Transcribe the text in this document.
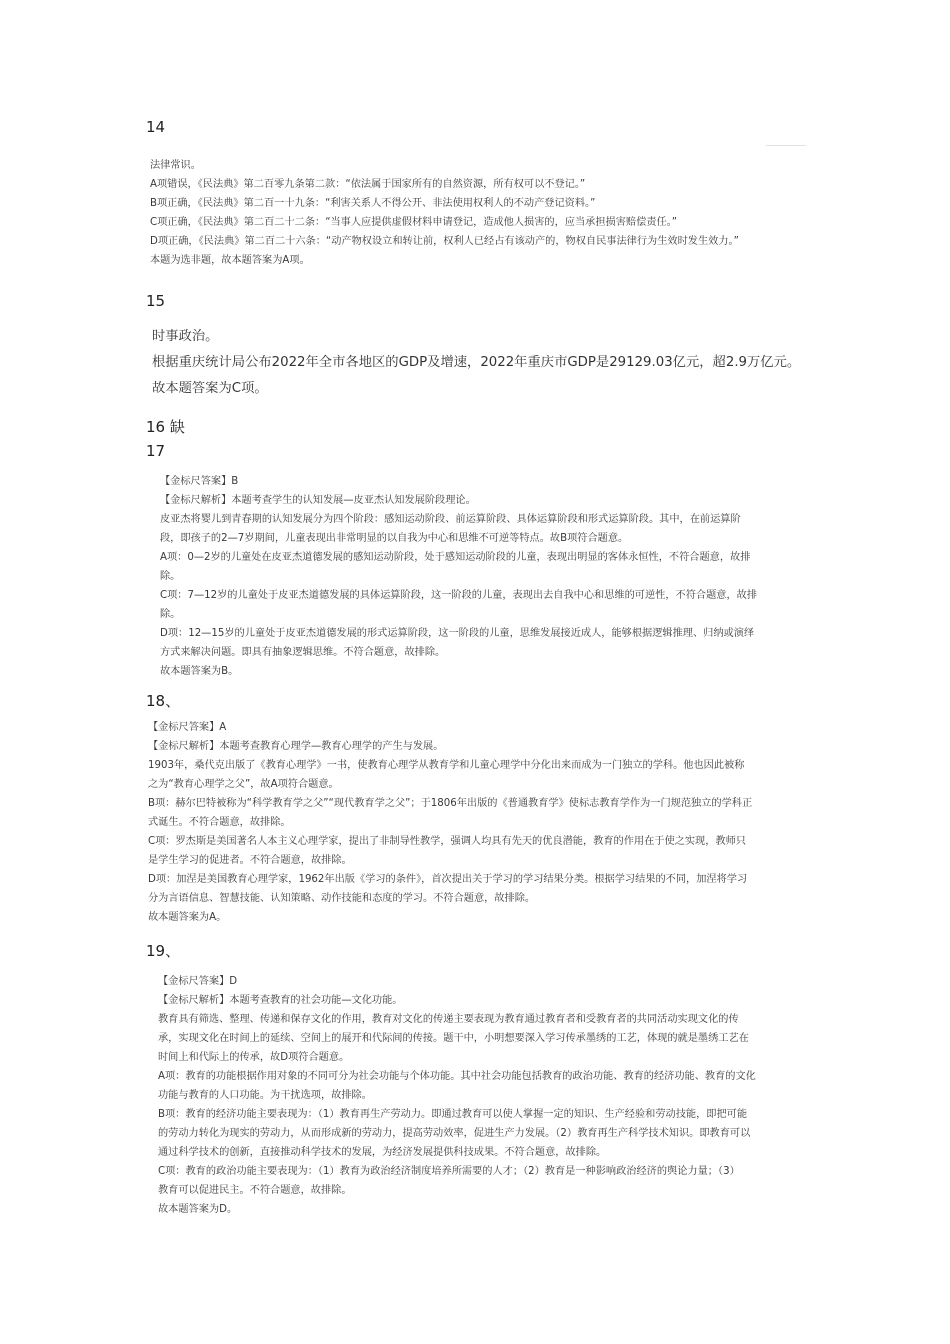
14

法律常识。

A项错误，《民法典》第二百零九条第二款：“依法属于国家所有的自然资源，所有权可以不登记。”

B项正确，《民法典》第二百一十九条：“利害关系人不得公开、非法使用权利人的不动产登记资料。”

C项正确，《民法典》第二百二十二条：“当事人应提供虚假材料申请登记，造成他人损害的，应当承担损害赔偿责任。”

D项正确，《民法典》第二百二十六条：“动产物权设立和转让前，权利人已经占有该动产的，物权自民事法律行为生效时发生效力。”

本题为选非题，故本题答案为A项。

15

时事政治。

根据重庆统计局公布2022年全市各地区的GDP及增速，2022年重庆市GDP是29129.03亿元，超2.9万亿元。

故本题答案为C项。

16 缺
17

【金标尺答案】B

【金标尺解析】本题考查学生的认知发展—皮亚杰认知发展阶段理论。

皮亚杰将婴儿到青春期的认知发展分为四个阶段：感知运动阶段、前运算阶段、具体运算阶段和形式运算阶段。其中，在前运算阶

段，即孩子的2—7岁期间，儿童表现出非常明显的以自我为中心和思维不可逆等特点。故B项符合题意。

A项：0—2岁的儿童处在皮亚杰道德发展的感知运动阶段，处于感知运动阶段的儿童，表现出明显的客体永恒性，不符合题意，故排

除。

C项：7—12岁的儿童处于皮亚杰道德发展的具体运算阶段，这一阶段的儿童，表现出去自我中心和思维的可逆性，不符合题意，故排

除。

D项：12—15岁的儿童处于皮亚杰道德发展的形式运算阶段，这一阶段的儿童，思维发展接近成人，能够根据逻辑推理、归纳或演绎

方式来解决问题。即具有抽象逻辑思维。不符合题意，故排除。

故本题答案为B。

18、

【金标尺答案】A

【金标尺解析】本题考查教育心理学—教育心理学的产生与发展。

1903年，桑代克出版了《教育心理学》一书，使教育心理学从教育学和儿童心理学中分化出来而成为一门独立的学科。他也因此被称

之为“教育心理学之父”，故A项符合题意。

B项：赫尔巴特被称为“科学教育学之父”“现代教育学之父”；于1806年出版的《普通教育学》使标志教育学作为一门规范独立的学科正

式诞生。不符合题意，故排除。

C项：罗杰斯是美国著名人本主义心理学家，提出了非制导性教学，强调人均具有先天的优良潜能，教育的作用在于使之实现，教师只

是学生学习的促进者。不符合题意，故排除。

D项：加涅是美国教育心理学家，1962年出版《学习的条件》，首次提出关于学习的学习结果分类。根据学习结果的不同，加涅将学习

分为言语信息、智慧技能、认知策略、动作技能和态度的学习。不符合题意，故排除。

故本题答案为A。

19、

【金标尺答案】D

【金标尺解析】本题考查教育的社会功能—文化功能。

教育具有筛选、整理、传递和保存文化的作用，教育对文化的传递主要表现为教育通过教育者和受教育者的共同活动实现文化的传

承，实现文化在时间上的延续、空间上的展开和代际间的传接。题干中，小明想要深入学习传承墨绣的工艺，体现的就是墨绣工艺在

时间上和代际上的传承，故D项符合题意。

A项：教育的功能根据作用对象的不同可分为社会功能与个体功能。其中社会功能包括教育的政治功能、教育的经济功能、教育的文化

功能与教育的人口功能。为干扰选项，故排除。

B项：教育的经济功能主要表现为：（1）教育再生产劳动力。即通过教育可以使人掌握一定的知识、生产经验和劳动技能，即把可能

的劳动力转化为现实的劳动力，从而形成新的劳动力，提高劳动效率，促进生产力发展。（2）教育再生产科学技术知识。即教育可以

通过科学技术的创新，直接推动科学技术的发展，为经济发展提供科技成果。不符合题意，故排除。

C项：教育的政治功能主要表现为：（1）教育为政治经济制度培养所需要的人才；（2）教育是一种影响政治经济的舆论力量；（3）

教育可以促进民主。不符合题意，故排除。

故本题答案为D。
